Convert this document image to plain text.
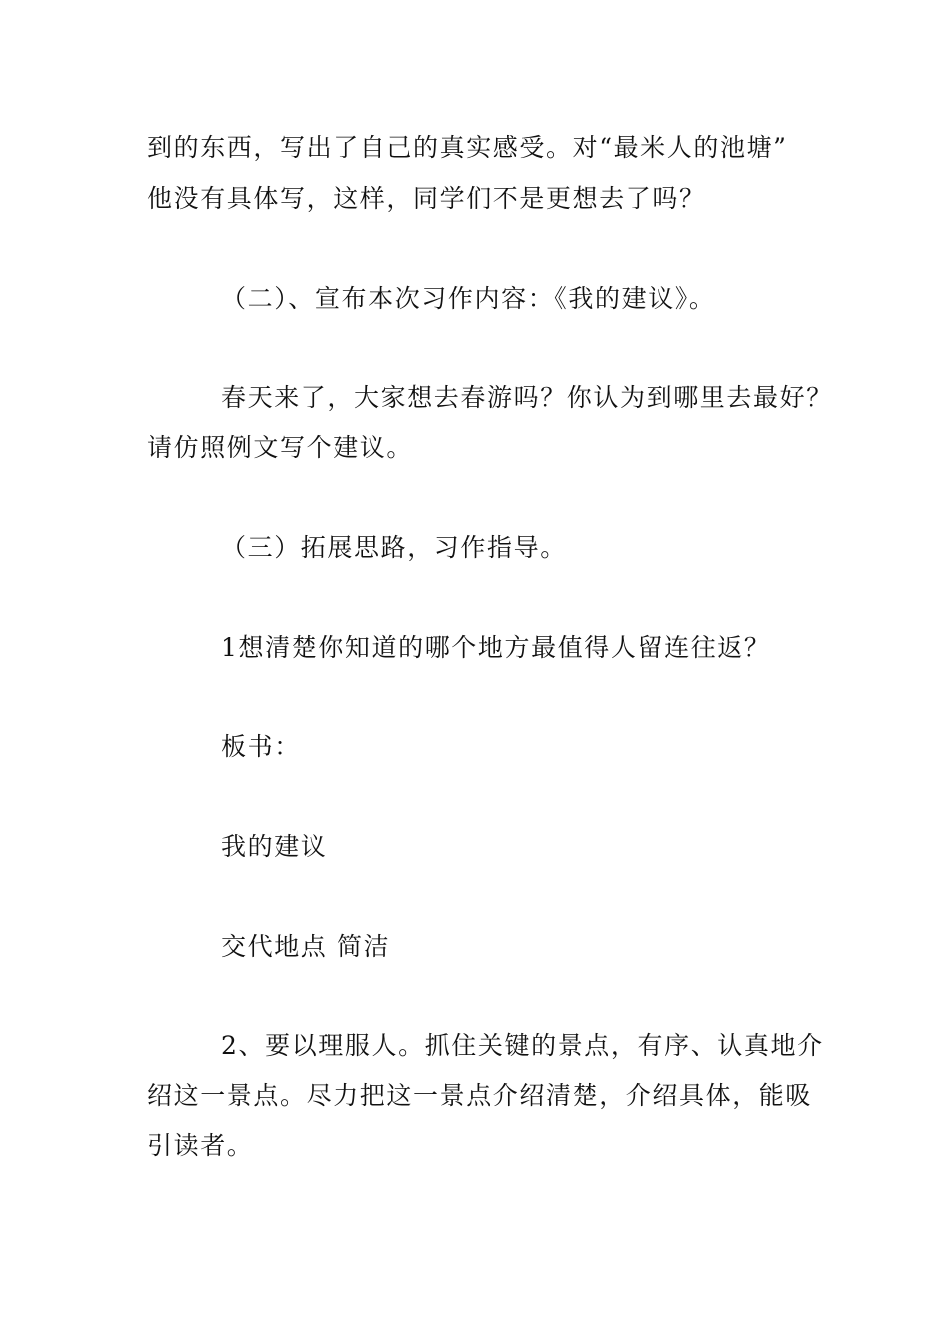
到的东西，写出了自己的真实感受。对“最米人的池塘”
他没有具体写，这样，同学们不是更想去了吗？
（二）、宣布本次习作内容：《我的建议》。
春天来了，大家想去春游吗？你认为到哪里去最好？
请仿照例文写个建议。
（三）拓展思路，习作指导。
1想清楚你知道的哪个地方最值得人留连往返？
板书：
我的建议
交代地点 简洁
2、要以理服人。抓住关键的景点，有序、认真地介
绍这一景点。尽力把这一景点介绍清楚，介绍具体，能吸
引读者。
